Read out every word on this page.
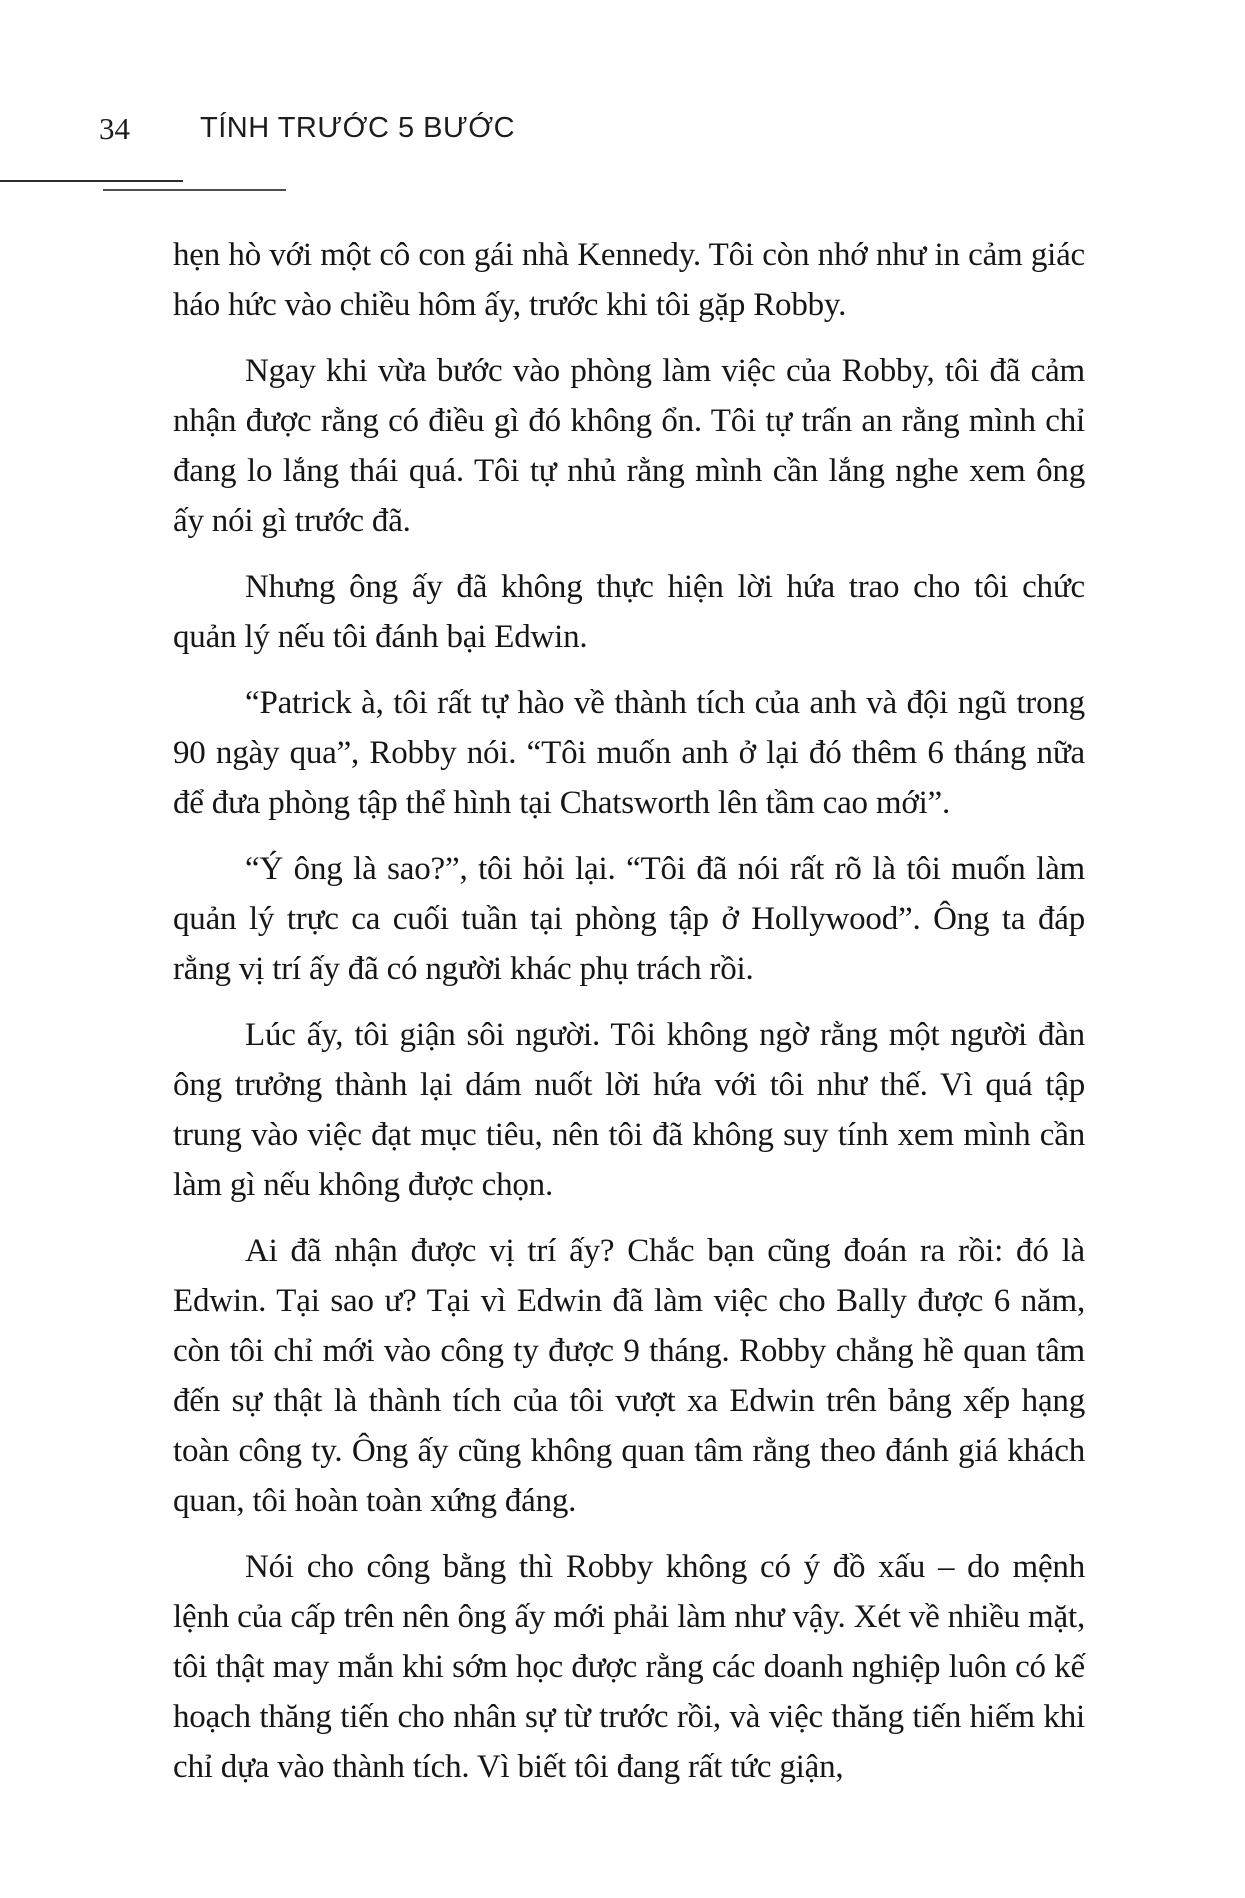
34 TÍNH TRƯỚC 5 BƯỚC

hẹn hò với một cô con gái nhà Kennedy. Tôi còn nhớ như in cảm giác háo hức vào chiều hôm ấy, trước khi tôi gặp Robby.

Ngay khi vừa bước vào phòng làm việc của Robby, tôi đã cảm nhận được rằng có điều gì đó không ổn. Tôi tự trấn an rằng mình chỉ đang lo lắng thái quá. Tôi tự nhủ rằng mình cần lắng nghe xem ông ấy nói gì trước đã.

Nhưng ông ấy đã không thực hiện lời hứa trao cho tôi chức quản lý nếu tôi đánh bại Edwin.

“Patrick à, tôi rất tự hào về thành tích của anh và đội ngũ trong 90 ngày qua”, Robby nói. “Tôi muốn anh ở lại đó thêm 6 tháng nữa để đưa phòng tập thể hình tại Chatsworth lên tầm cao mới”.

“Ý ông là sao?”, tôi hỏi lại. “Tôi đã nói rất rõ là tôi muốn làm quản lý trực ca cuối tuần tại phòng tập ở Hollywood”. Ông ta đáp rằng vị trí ấy đã có người khác phụ trách rồi.

Lúc ấy, tôi giận sôi người. Tôi không ngờ rằng một người đàn ông trưởng thành lại dám nuốt lời hứa với tôi như thế. Vì quá tập trung vào việc đạt mục tiêu, nên tôi đã không suy tính xem mình cần làm gì nếu không được chọn.

Ai đã nhận được vị trí ấy? Chắc bạn cũng đoán ra rồi: đó là Edwin. Tại sao ư? Tại vì Edwin đã làm việc cho Bally được 6 năm, còn tôi chỉ mới vào công ty được 9 tháng. Robby chẳng hề quan tâm đến sự thật là thành tích của tôi vượt xa Edwin trên bảng xếp hạng toàn công ty. Ông ấy cũng không quan tâm rằng theo đánh giá khách quan, tôi hoàn toàn xứng đáng.

Nói cho công bằng thì Robby không có ý đồ xấu – do mệnh lệnh của cấp trên nên ông ấy mới phải làm như vậy. Xét về nhiều mặt, tôi thật may mắn khi sớm học được rằng các doanh nghiệp luôn có kế hoạch thăng tiến cho nhân sự từ trước rồi, và việc thăng tiến hiếm khi chỉ dựa vào thành tích. Vì biết tôi đang rất tức giận,
